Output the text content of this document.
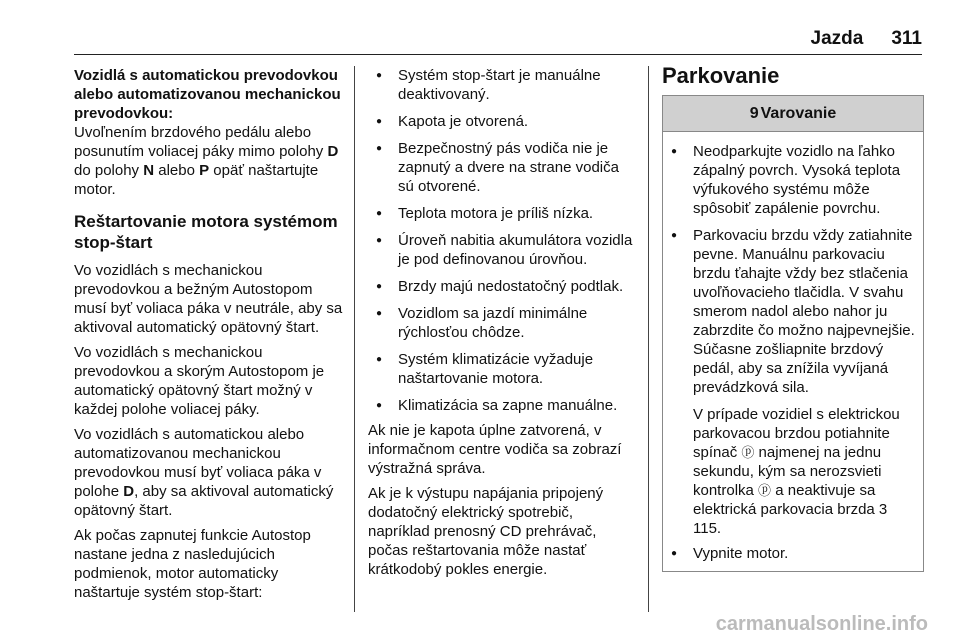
Jazda 311

Vozidlá s automatickou prevodovkou alebo automatizovanou mechanickou prevodovkou:

Uvoľnením brzdového pedálu alebo posunutím voliacej páky mimo polohy D do polohy N alebo P opäť naštartujte motor.

Reštartovanie motora systémom stop-štart

Vo vozidlách s mechanickou prevodovkou a bežným Autostopom musí byť voliaca páka v neutrále, aby sa aktivoval automatický opätovný štart.

Vo vozidlách s mechanickou prevodovkou a skorým Autostopom je automatický opätovný štart možný v každej polohe voliacej páky.

Vo vozidlách s automatickou alebo automatizovanou mechanickou prevodovkou musí byť voliaca páka v polohe D, aby sa aktivoval automatický opätovný štart.

Ak počas zapnutej funkcie Autostop nastane jedna z nasledujúcich podmienok, motor automaticky naštartuje systém stop-štart:

● Systém stop-štart je manuálne deaktivovaný.
● Kapota je otvorená.
● Bezpečnostný pás vodiča nie je zapnutý a dvere na strane vodiča sú otvorené.
● Teplota motora je príliš nízka.
● Úroveň nabitia akumulátora vozidla je pod definovanou úrovňou.
● Brzdy majú nedostatočný podtlak.
● Vozidlom sa jazdí minimálne rýchlosťou chôdze.
● Systém klimatizácie vyžaduje naštartovanie motora.
● Klimatizácia sa zapne manuálne.

Ak nie je kapota úplne zatvorená, v informačnom centre vodiča sa zobrazí výstražná správa.

Ak je k výstupu napájania pripojený dodatočný elektrický spotrebič, napríklad prenosný CD prehrávač, počas reštartovania môže nastať krátkodobý pokles energie.

Parkovanie
9 Varovanie
● Neodparkujte vozidlo na ľahko zápalný povrch. Vysoká teplota výfukového systému môže spôsobiť zapálenie povrchu.
● Parkovaciu brzdu vždy zatiahnite pevne. Manuálnu parkovaciu brzdu ťahajte vždy bez stlačenia uvoľňovacieho tlačidla. V svahu smerom nadol alebo nahor ju zabrzdite čo možno najpevnejšie. Súčasne zošliapnite brzdový pedál, aby sa znížila vyvíjaná prevádzková sila.
V prípade vozidiel s elektrickou parkovacou brzdou potiahnite spínač ⓟ najmenej na jednu sekundu, kým sa nerozsvieti kontrolka ⓟ a neaktivuje sa elektrická parkovacia brzda 3 115.
● Vypnite motor.
carmanualsonline.info
